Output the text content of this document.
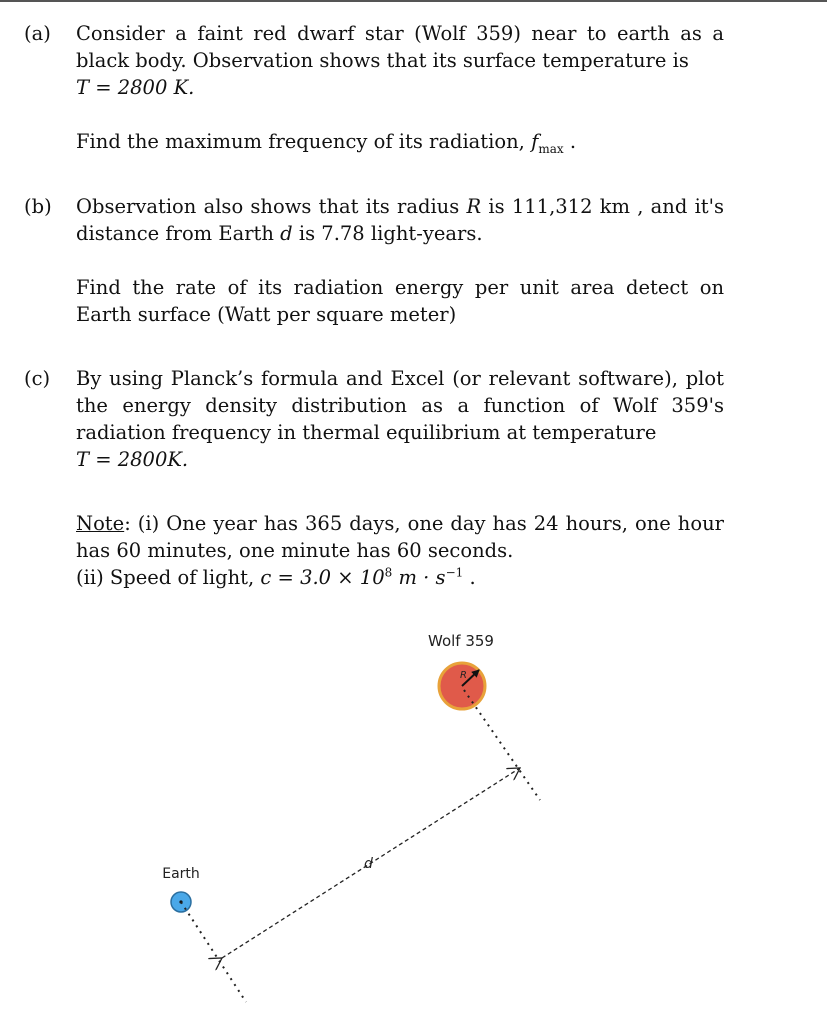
(a) Consider a faint red dwarf star (Wolf 359) near to earth as a black body. Observation shows that its surface temperature is
T = 2800 K.

Find the maximum frequency of its radiation, $f_{max}$ .

(b) Observation also shows that its radius R is 111,312 km , and it's distance from Earth d is 7.78 light-years.

Find the rate of its radiation energy per unit area detect on Earth surface (Watt per square meter)

(c) By using Planck’s formula and Excel (or relevant software), plot the energy density distribution as a function of Wolf 359's radiation frequency in thermal equilibrium at temperature
T = 2800K.

Note: (i) One year has 365 days, one day has 24 hours, one hour has 60 minutes, one minute has 60 seconds.
(ii) Speed of light, $c = 3.0 \times 10^8$ $m \cdot s^{-1}$ .

Wolf 359
R
Earth
d
